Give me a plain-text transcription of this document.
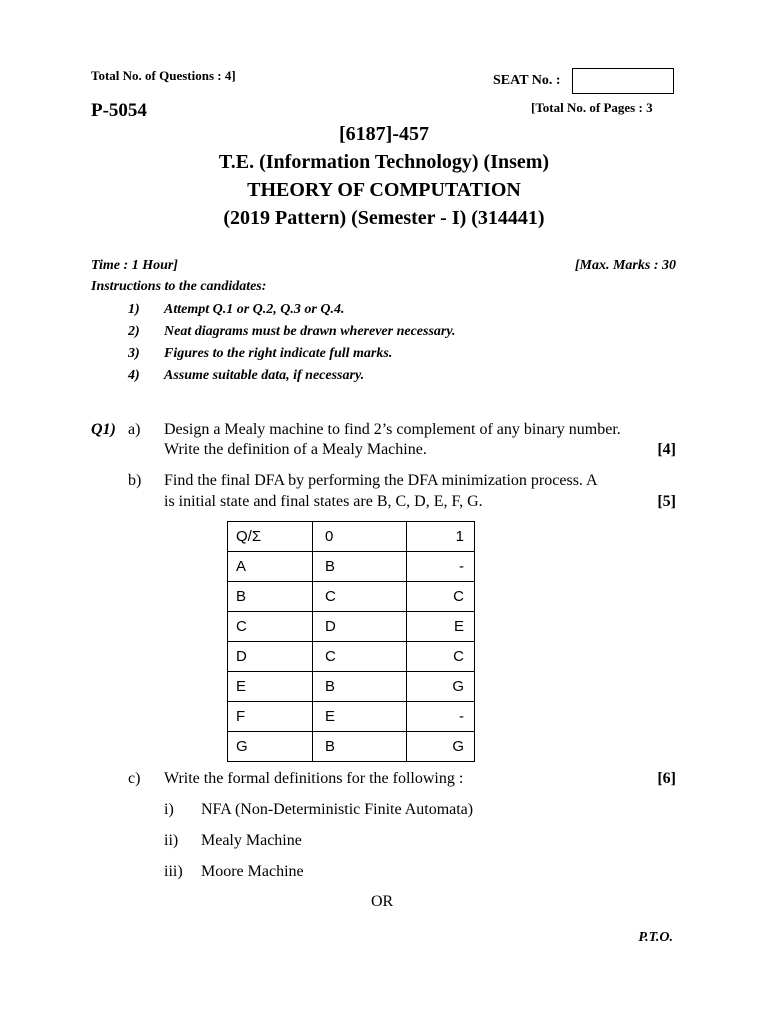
Total No. of Questions : 4]	SEAT No. :
P-5054	[Total No. of Pages : 3
[6187]-457
T.E. (Information Technology) (Insem)
THEORY OF COMPUTATION
(2019 Pattern) (Semester - I) (314441)
Time : 1 Hour]	[Max. Marks : 30
Instructions to the candidates:
1) Attempt Q.1 or Q.2, Q.3 or Q.4.
2) Neat diagrams must be drawn wherever necessary.
3) Figures to the right indicate full marks.
4) Assume suitable data, if necessary.
Q1) a) Design a Mealy machine to find 2’s complement of any binary number.
Write the definition of a Mealy Machine.	[4]
b) Find the final DFA by performing the DFA minimization process. A
is initial state and final states are B, C, D, E, F, G.	[5]
Q/Σ	0	1
A	B	-
B	C	C
C	D	E
D	C	C
E	B	G
F	E	-
G	B	G
c) Write the formal definitions for the following :	[6]
i) NFA (Non-Deterministic Finite Automata)
ii) Mealy Machine
iii) Moore Machine
OR
P.T.O.
